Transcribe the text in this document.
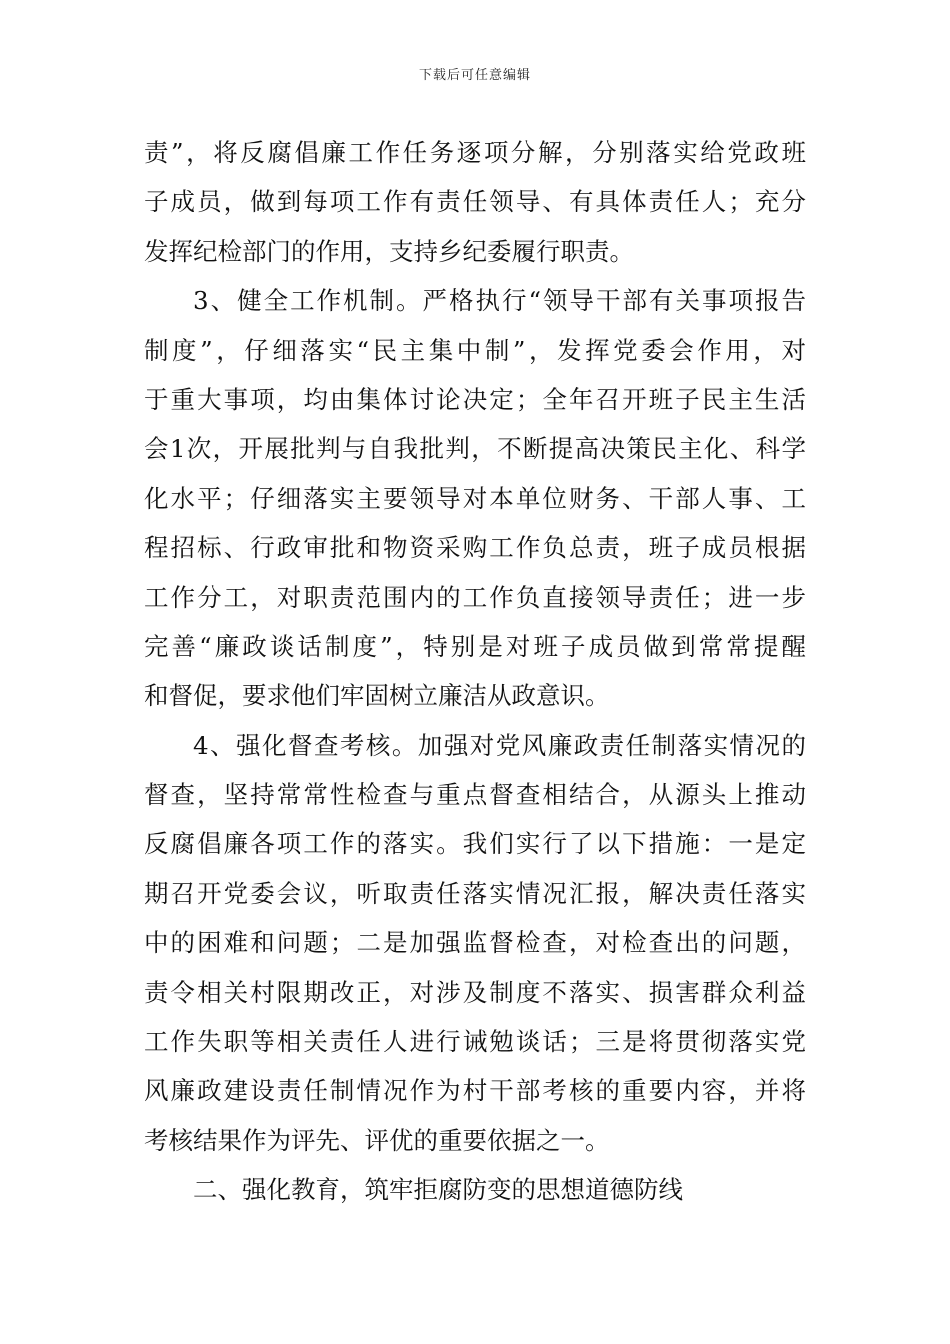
下载后可任意编辑
责”，将反腐倡廉工作任务逐项分解，分别落实给党政班
子成员，做到每项工作有责任领导、有具体责任人；充分
发挥纪检部门的作用，支持乡纪委履行职责。
3、健全工作机制。严格执行“领导干部有关事项报告
制度”，仔细落实“民主集中制”，发挥党委会作用，对
于重大事项，均由集体讨论决定；全年召开班子民主生活
会1次，开展批判与自我批判，不断提高决策民主化、科学
化水平；仔细落实主要领导对本单位财务、干部人事、工
程招标、行政审批和物资采购工作负总责，班子成员根据
工作分工，对职责范围内的工作负直接领导责任；进一步
完善“廉政谈话制度”，特别是对班子成员做到常常提醒
和督促，要求他们牢固树立廉洁从政意识。
4、强化督查考核。加强对党风廉政责任制落实情况的
督查，坚持常常性检查与重点督查相结合，从源头上推动
反腐倡廉各项工作的落实。我们实行了以下措施：一是定
期召开党委会议，听取责任落实情况汇报，解决责任落实
中的困难和问题；二是加强监督检查，对检查出的问题，
责令相关村限期改正，对涉及制度不落实、损害群众利益
工作失职等相关责任人进行诫勉谈话；三是将贯彻落实党
风廉政建设责任制情况作为村干部考核的重要内容，并将
考核结果作为评先、评优的重要依据之一。
二、强化教育，筑牢拒腐防变的思想道德防线
